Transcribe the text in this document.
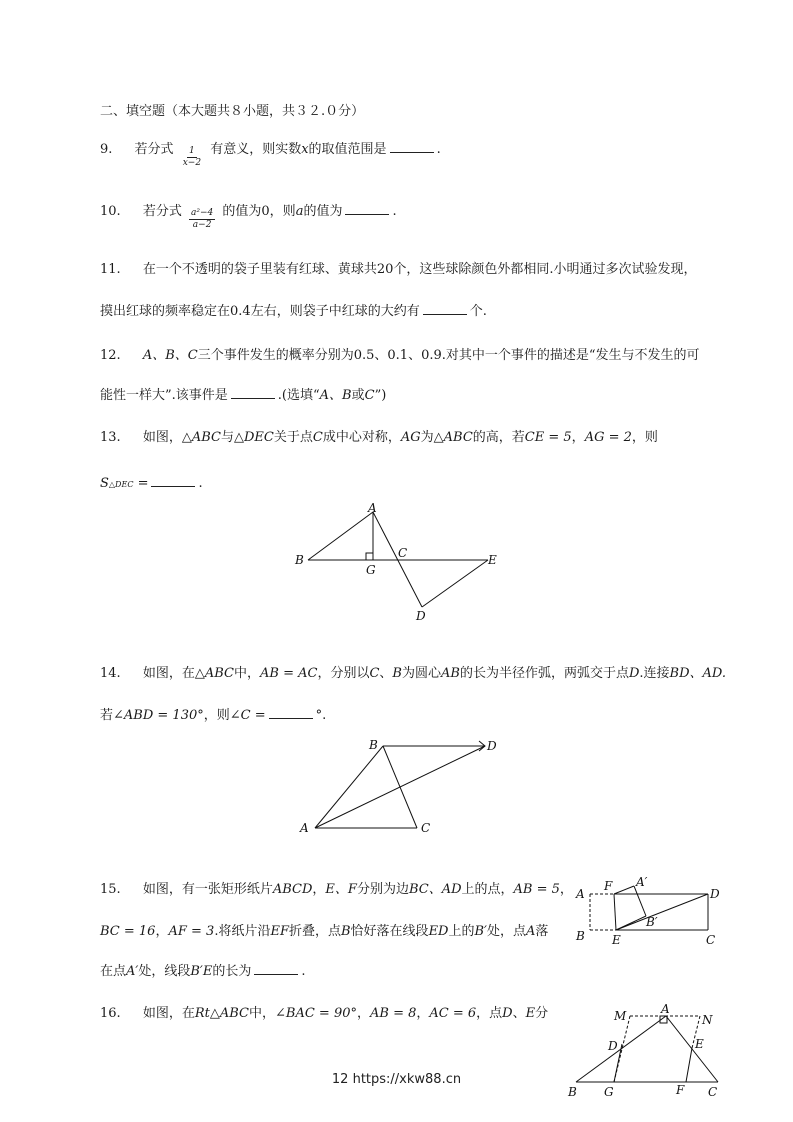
二、填空题（本大题共８小题，共３２.０分）
9. 若分式 $\frac{1}{x-2}$ 有意义，则实数x的取值范围是	.
10. 若分式 $\frac{\text{a²−4}}{a-2}$ 的值为0，则a的值为	.
11. 在一个不透明的袋子里装有红球、黄球共20个，这些球除颜色外都相同.小明通过多次试验发现，
摸出红球的频率稳定在0.4左右，则袋子中红球的大约有	个.
12. A、B、C三个事件发生的概率分别为0.5、0.1、0.9.对其中一个事件的描述是“发生与不发生的可
能性一样大”.该事件是	.(选填“A、B或C”)
13. 如图，△ABC与△DEC关于点C成中心对称，AG为△ABC的高，若CE = 5，AG = 2，则
S△DEC =	.
A
B	C
D
E
G
14. 如图，在△ABC中，AB = AC，分别以C、B为圆心AB的长为半径作弧，两弧交于点D.连接BD、AD.
若∠ABD = 130°，则∠C =	°.
B	D
A	C
15. 如图，有一张矩形纸片ABCD，E、F分别为边BC、AD上的点，AB = 5，
BC = 16，AF = 3.将纸片沿EF折叠，点B恰好落在线段ED上的B′处，点A落
在点A′处，线段B′E的长为	.
A
F A′
D
B′
B E	C
16. 如图，在Rt△ABC中，∠BAC = 90°，AB = 8，AC = 6，点D、E分	M	A
N
D	E
B G	F C
12 https://xkw88.cn
